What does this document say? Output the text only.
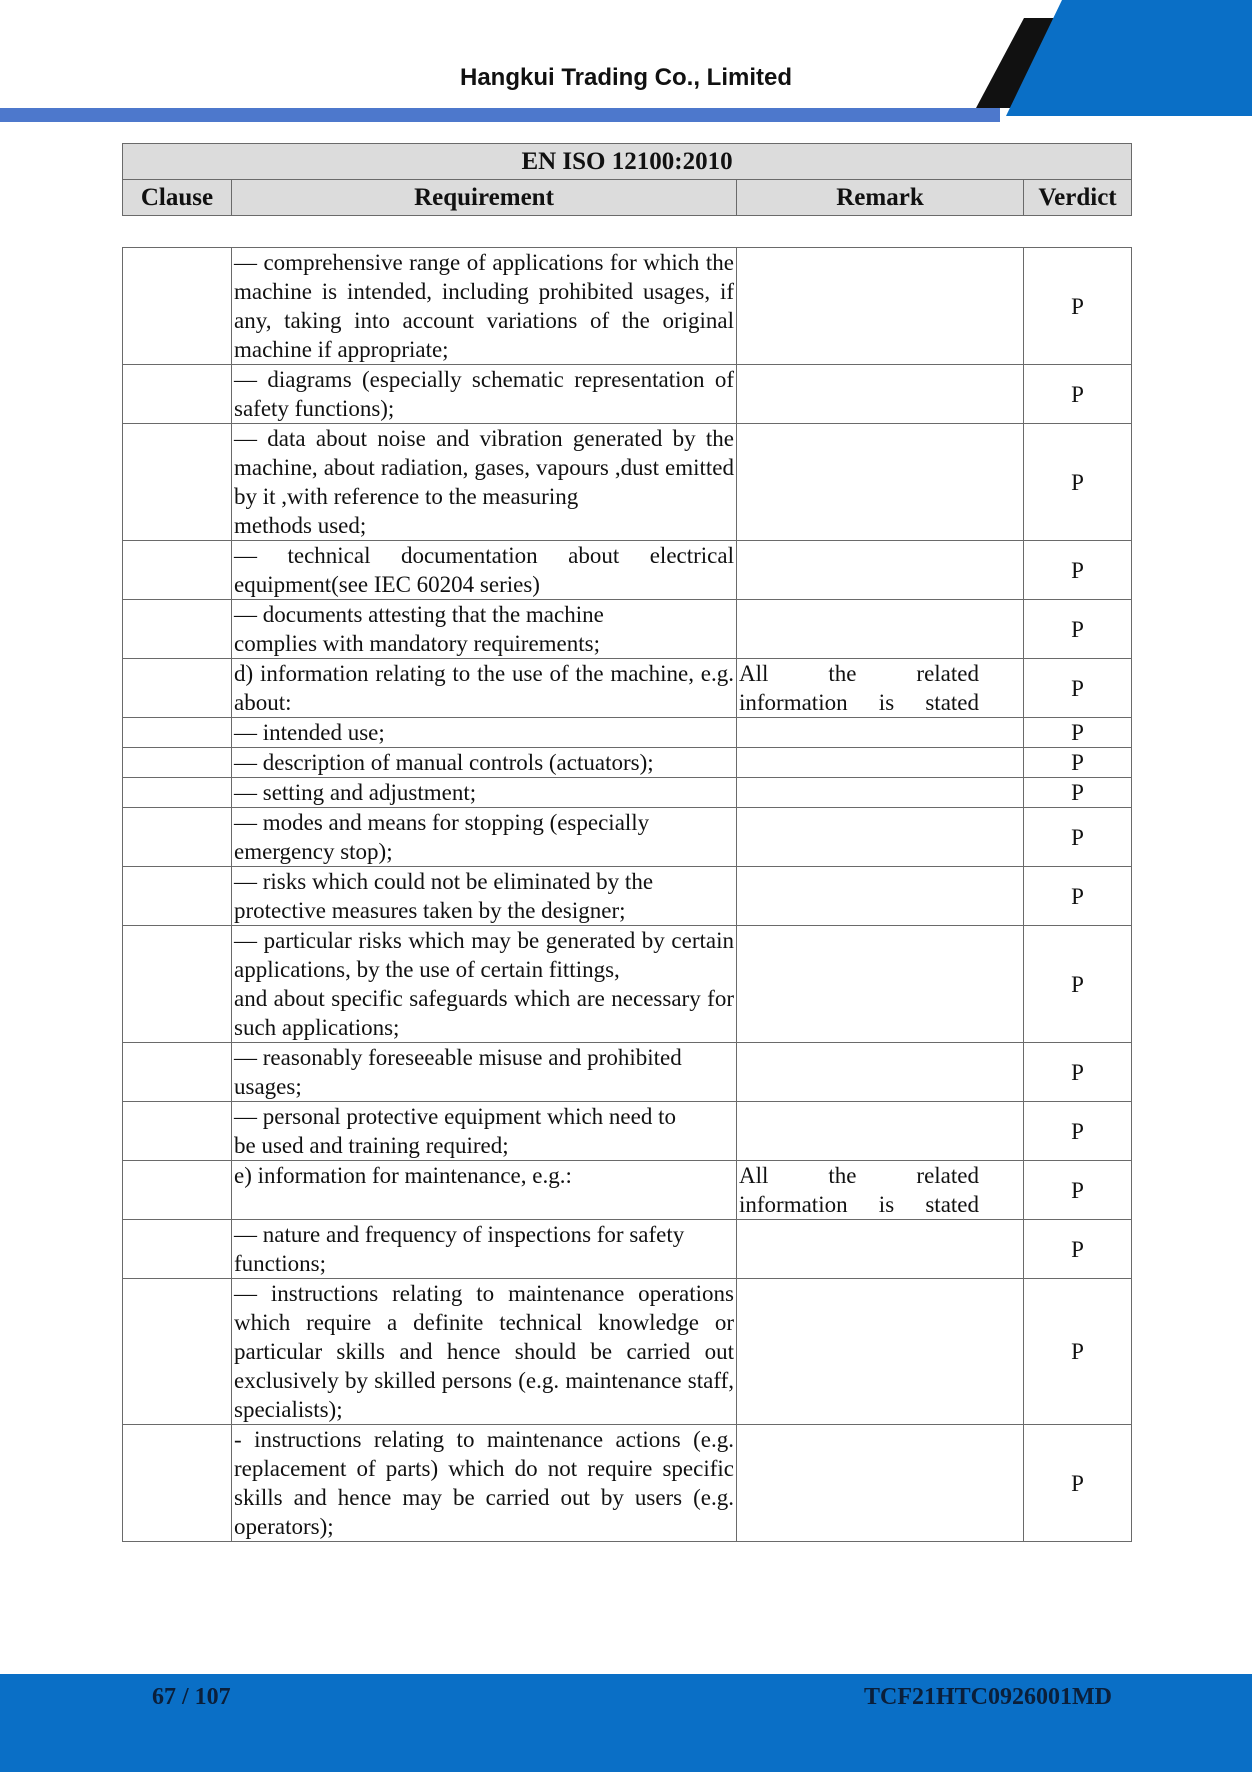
Hangkui Trading Co., Limited
EN ISO 12100:2010
Clause	Requirement	Remark	Verdict

	— comprehensive range of applications for which the machine is intended, including prohibited usages, if any, taking into account variations of the original machine if appropriate;		P

	— diagrams (especially schematic representation of safety functions);		P

	— data about noise and vibration generated by the machine, about radiation, gases, vapours ,dust emitted by it ,with reference to the measuring
methods used;		P

	— technical documentation about electrical equipment(see IEC 60204 series)		P

	— documents attesting that the machine
complies with mandatory requirements;		P

	d) information relating to the use of the machine, e.g. about:	All the related
information is stated	P

	— intended use;		P

	— description of manual controls (actuators);		P

	— setting and adjustment;		P

	— modes and means for stopping (especially
emergency stop);		P

	— risks which could not be eliminated by the
protective measures taken by the designer;		P

	— particular risks which may be generated by certain applications, by the use of certain fittings,
and about specific safeguards which are necessary for such applications;		P

	— reasonably foreseeable misuse and prohibited
usages;		P

	— personal protective equipment which need to
be used and training required;		P

	e) information for maintenance, e.g.:	All the related
information is stated	P

	— nature and frequency of inspections for safety
functions;		P

	— instructions relating to maintenance operations which require a definite technical knowledge or particular skills and hence should be carried out exclusively by skilled persons (e.g. maintenance staff, specialists);		P

	- instructions relating to maintenance actions (e.g. replacement of parts) which do not require specific skills and hence may be carried out by users (e.g. operators);		P
67 / 107	TCF21HTC0926001MD
